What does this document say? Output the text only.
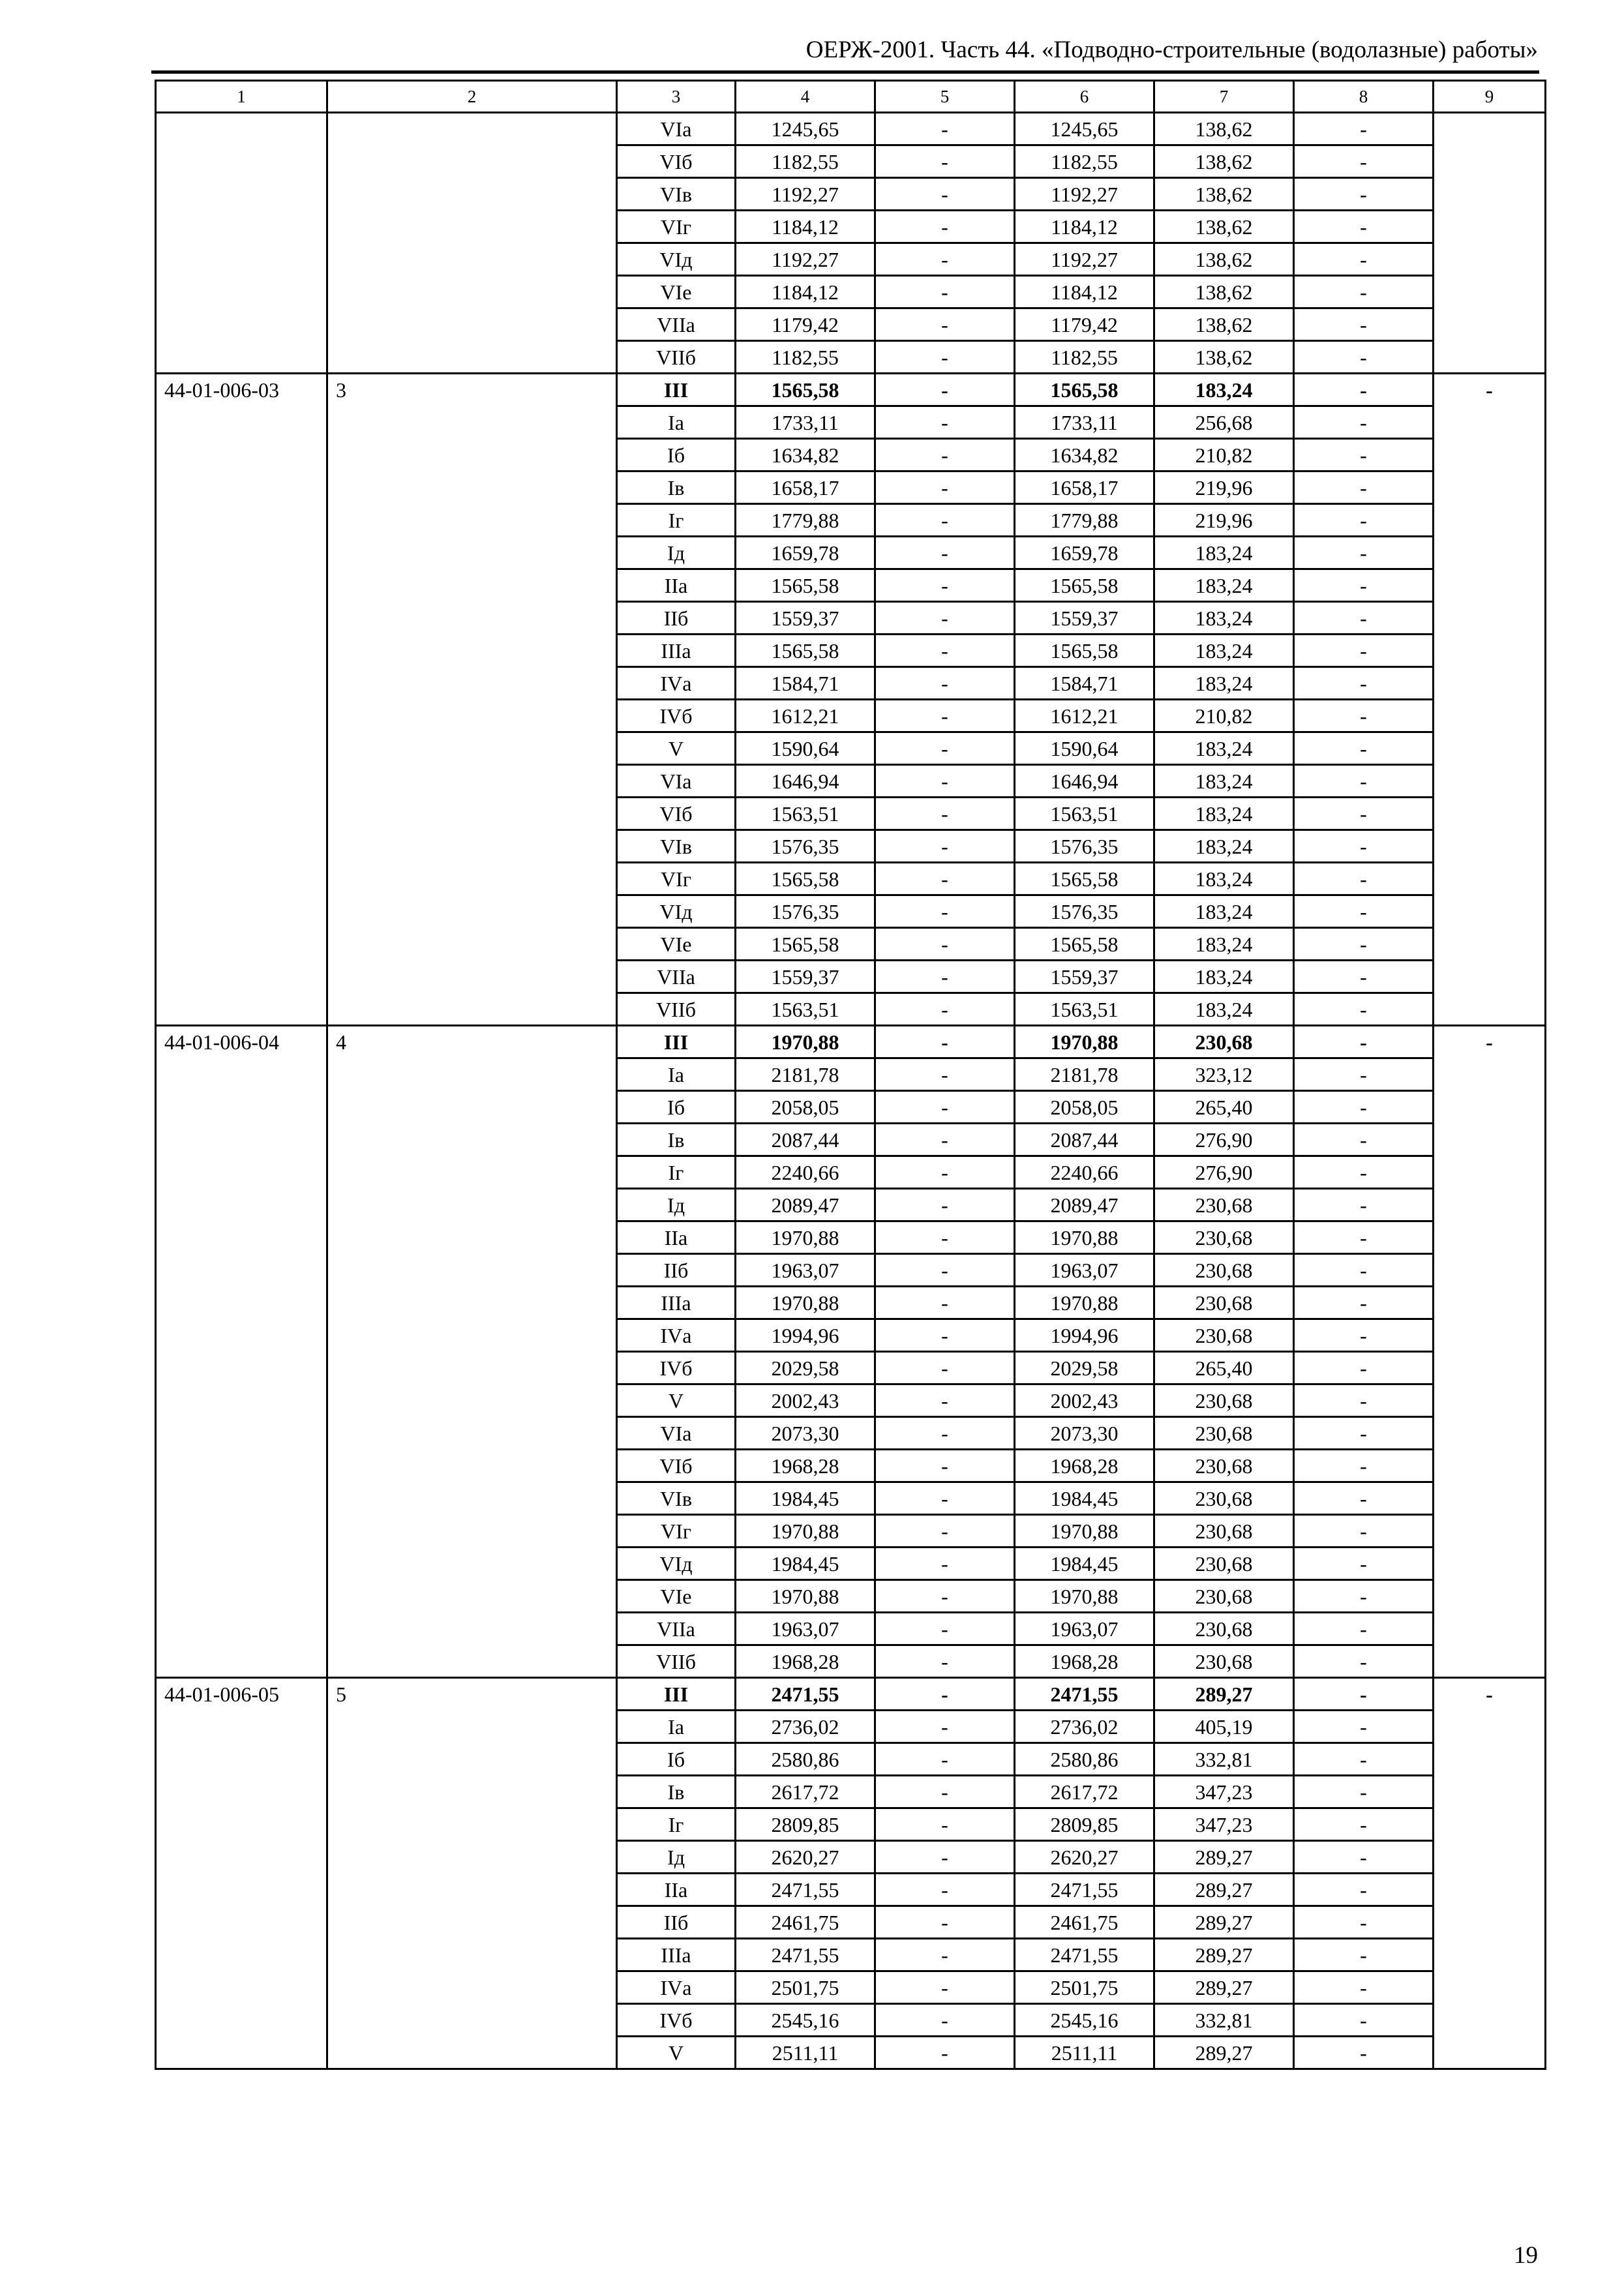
ОЕРЖ-2001. Часть 44. «Подводно-строительные (водолазные) работы»
1	2	3	4	5	6	7	8	9
		VIа	1245,65	-	1245,65	138,62	-	
		VIб	1182,55	-	1182,55	138,62	-	
		VIв	1192,27	-	1192,27	138,62	-	
		VIг	1184,12	-	1184,12	138,62	-	
		VIд	1192,27	-	1192,27	138,62	-	
		VIе	1184,12	-	1184,12	138,62	-	
		VIIа	1179,42	-	1179,42	138,62	-	
		VIIб	1182,55	-	1182,55	138,62	-	
44-01-006-03	3	III	1565,58	-	1565,58	183,24	-	-
		Iа	1733,11	-	1733,11	256,68	-	
		Iб	1634,82	-	1634,82	210,82	-	
		Iв	1658,17	-	1658,17	219,96	-	
		Iг	1779,88	-	1779,88	219,96	-	
		Iд	1659,78	-	1659,78	183,24	-	
		IIа	1565,58	-	1565,58	183,24	-	
		IIб	1559,37	-	1559,37	183,24	-	
		IIIа	1565,58	-	1565,58	183,24	-	
		IVа	1584,71	-	1584,71	183,24	-	
		IVб	1612,21	-	1612,21	210,82	-	
		V	1590,64	-	1590,64	183,24	-	
		VIа	1646,94	-	1646,94	183,24	-	
		VIб	1563,51	-	1563,51	183,24	-	
		VIв	1576,35	-	1576,35	183,24	-	
		VIг	1565,58	-	1565,58	183,24	-	
		VIд	1576,35	-	1576,35	183,24	-	
		VIе	1565,58	-	1565,58	183,24	-	
		VIIа	1559,37	-	1559,37	183,24	-	
		VIIб	1563,51	-	1563,51	183,24	-	
44-01-006-04	4	III	1970,88	-	1970,88	230,68	-	-
		Iа	2181,78	-	2181,78	323,12	-	
		Iб	2058,05	-	2058,05	265,40	-	
		Iв	2087,44	-	2087,44	276,90	-	
		Iг	2240,66	-	2240,66	276,90	-	
		Iд	2089,47	-	2089,47	230,68	-	
		IIа	1970,88	-	1970,88	230,68	-	
		IIб	1963,07	-	1963,07	230,68	-	
		IIIа	1970,88	-	1970,88	230,68	-	
		IVа	1994,96	-	1994,96	230,68	-	
		IVб	2029,58	-	2029,58	265,40	-	
		V	2002,43	-	2002,43	230,68	-	
		VIа	2073,30	-	2073,30	230,68	-	
		VIб	1968,28	-	1968,28	230,68	-	
		VIв	1984,45	-	1984,45	230,68	-	
		VIг	1970,88	-	1970,88	230,68	-	
		VIд	1984,45	-	1984,45	230,68	-	
		VIе	1970,88	-	1970,88	230,68	-	
		VIIа	1963,07	-	1963,07	230,68	-	
		VIIб	1968,28	-	1968,28	230,68	-	
44-01-006-05	5	III	2471,55	-	2471,55	289,27	-	-
		Iа	2736,02	-	2736,02	405,19	-	
		Iб	2580,86	-	2580,86	332,81	-	
		Iв	2617,72	-	2617,72	347,23	-	
		Iг	2809,85	-	2809,85	347,23	-	
		Iд	2620,27	-	2620,27	289,27	-	
		IIа	2471,55	-	2471,55	289,27	-	
		IIб	2461,75	-	2461,75	289,27	-	
		IIIа	2471,55	-	2471,55	289,27	-	
		IVа	2501,75	-	2501,75	289,27	-	
		IVб	2545,16	-	2545,16	332,81	-	
		V	2511,11	-	2511,11	289,27	-	
19
